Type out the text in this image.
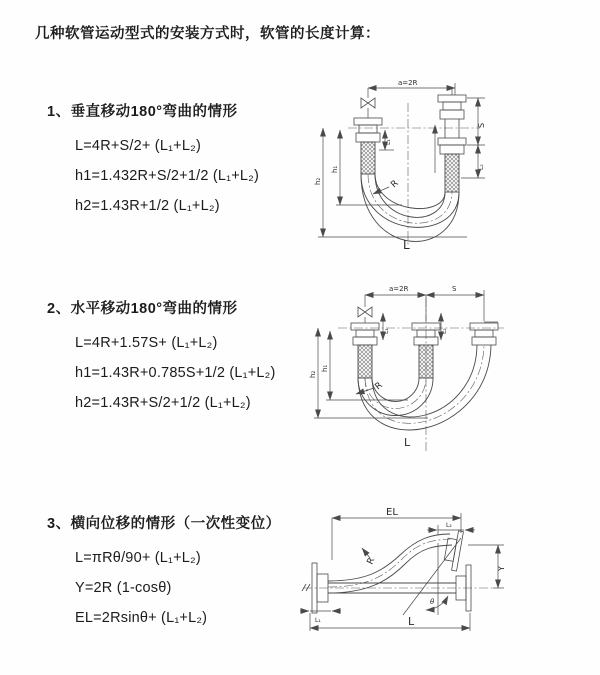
几种软管运动型式的安装方式时，软管的长度计算：
1、垂直移动180°弯曲的情形

L=4R+S/2+ (L₁+L₂)

h1=1.432R+S/2+1/2 (L₁+L₂)

h2=1.43R+1/2 (L₁+L₂)

a=2R
h₂
h₁
L₁
S
L₂
R
L
2、水平移动180°弯曲的情形

L=4R+1.57S+ (L₁+L₂)

h1=1.43R+0.785S+1/2 (L₁+L₂)

h2=1.43R+S/2+1/2 (L₁+L₂)

a=2R	S
h₂
h₁
L₁	L₂
R
L
3、横向位移的情形（一次性变位）

L=πRθ/90+ (L₁+L₂)

Y=2R (1-cosθ)

EL=2Rsinθ+ (L₁+L₂)

EL
L₂
θ
Y
R
L₁	L
